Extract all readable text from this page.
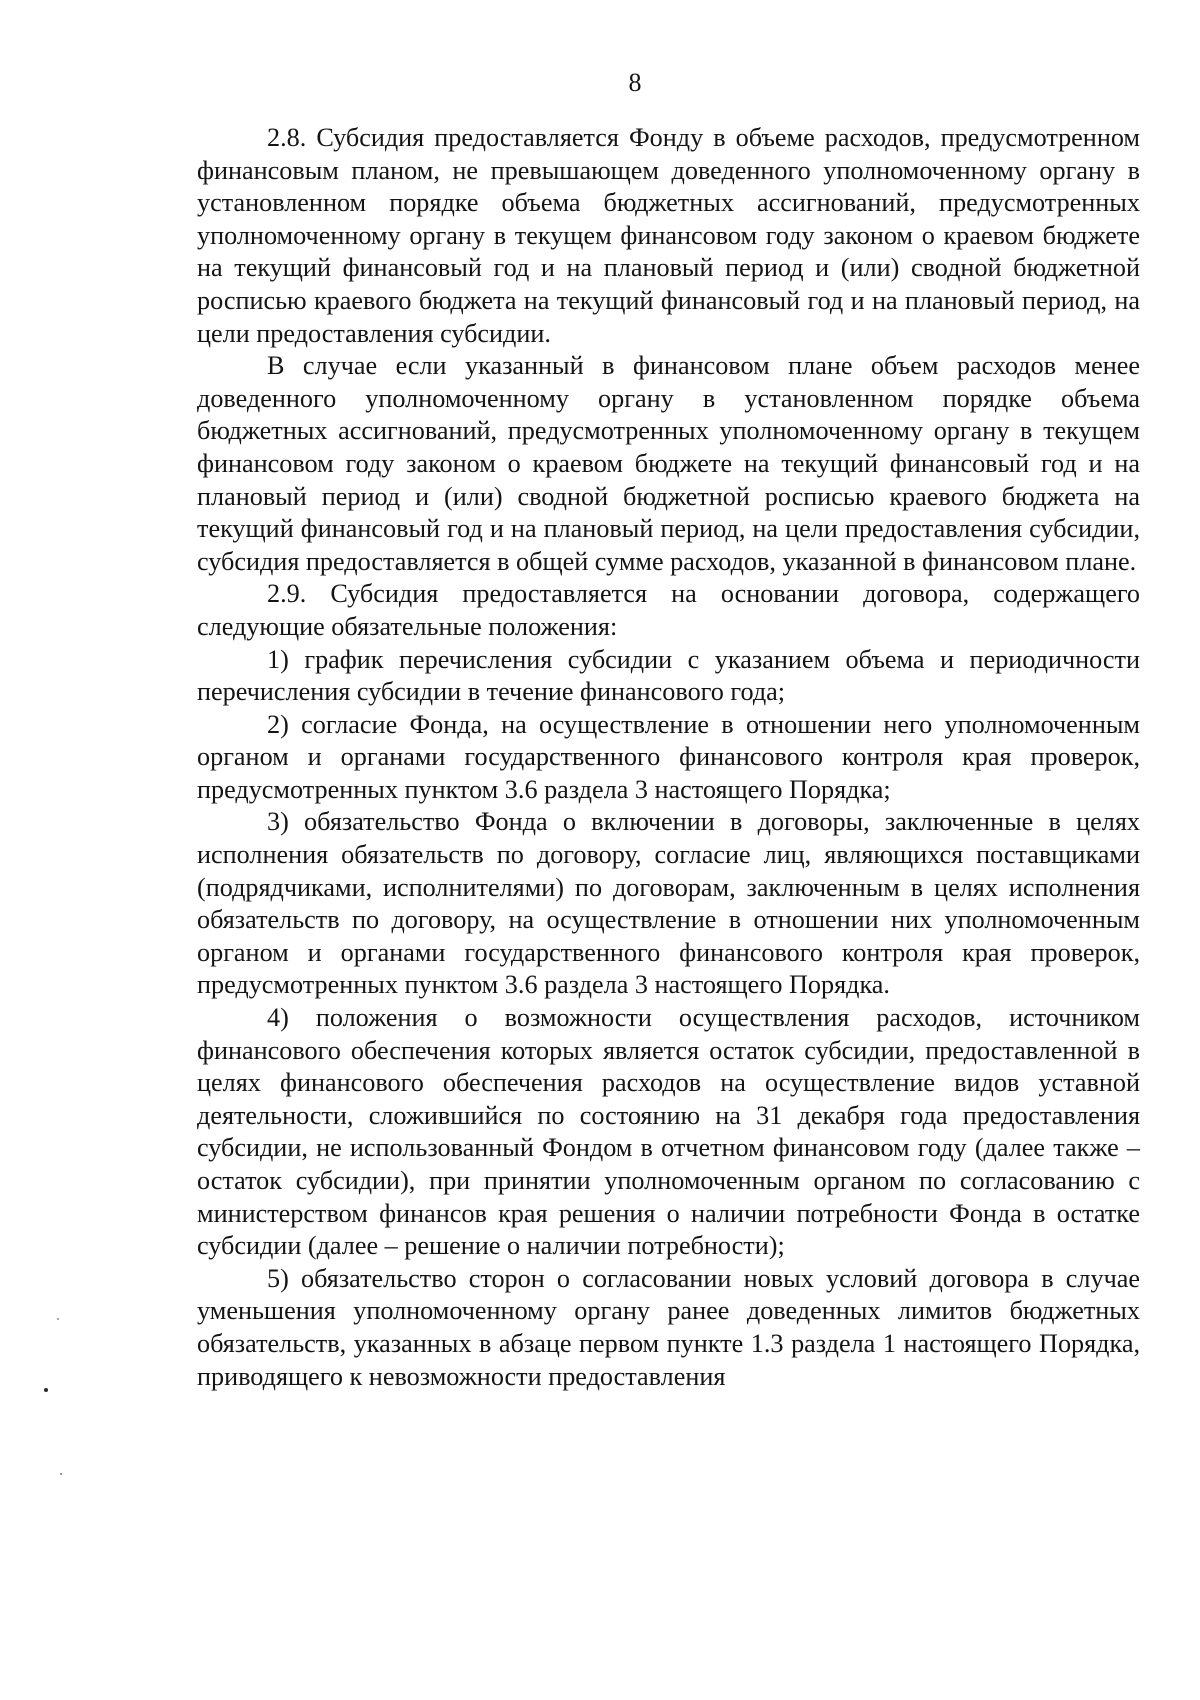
8

2.8. Субсидия предоставляется Фонду в объеме расходов, предусмотренном финансовым планом, не превышающем доведенного уполномоченному органу в установленном порядке объема бюджетных ассигнований, предусмотренных уполномоченному органу в текущем финансовом году законом о краевом бюджете на текущий финансовый год и на плановый период и (или) сводной бюджетной росписью краевого бюджета на текущий финансовый год и на плановый период, на цели предоставления субсидии.

В случае если указанный в финансовом плане объем расходов менее доведенного уполномоченному органу в установленном порядке объема бюджетных ассигнований, предусмотренных уполномоченному органу в текущем финансовом году законом о краевом бюджете на текущий финансовый год и на плановый период и (или) сводной бюджетной росписью краевого бюджета на текущий финансовый год и на плановый период, на цели предоставления субсидии, субсидия предоставляется в общей сумме расходов, указанной в финансовом плане.

2.9. Субсидия предоставляется на основании договора, содержащего следующие обязательные положения:

1) график перечисления субсидии с указанием объема и периодичности перечисления субсидии в течение финансового года;

2) согласие Фонда, на осуществление в отношении него уполномоченным органом и органами государственного финансового контроля края проверок, предусмотренных пунктом 3.6 раздела 3 настоящего Порядка;

3) обязательство Фонда о включении в договоры, заключенные в целях исполнения обязательств по договору, согласие лиц, являющихся поставщиками (подрядчиками, исполнителями) по договорам, заключенным в целях исполнения обязательств по договору, на осуществление в отношении них уполномоченным органом и органами государственного финансового контроля края проверок, предусмотренных пунктом 3.6 раздела 3 настоящего Порядка.

4) положения о возможности осуществления расходов, источником финансового обеспечения которых является остаток субсидии, предоставленной в целях финансового обеспечения расходов на осуществление видов уставной деятельности, сложившийся по состоянию на 31 декабря года предоставления субсидии, не использованный Фондом в отчетном финансовом году (далее также – остаток субсидии), при принятии уполномоченным органом по согласованию с министерством финансов края решения о наличии потребности Фонда в остатке субсидии (далее – решение о наличии потребности);

5) обязательство сторон о согласовании новых условий договора в случае уменьшения уполномоченному органу ранее доведенных лимитов бюджетных обязательств, указанных в абзаце первом пункте 1.3 раздела 1 настоящего Порядка, приводящего к невозможности предоставления
